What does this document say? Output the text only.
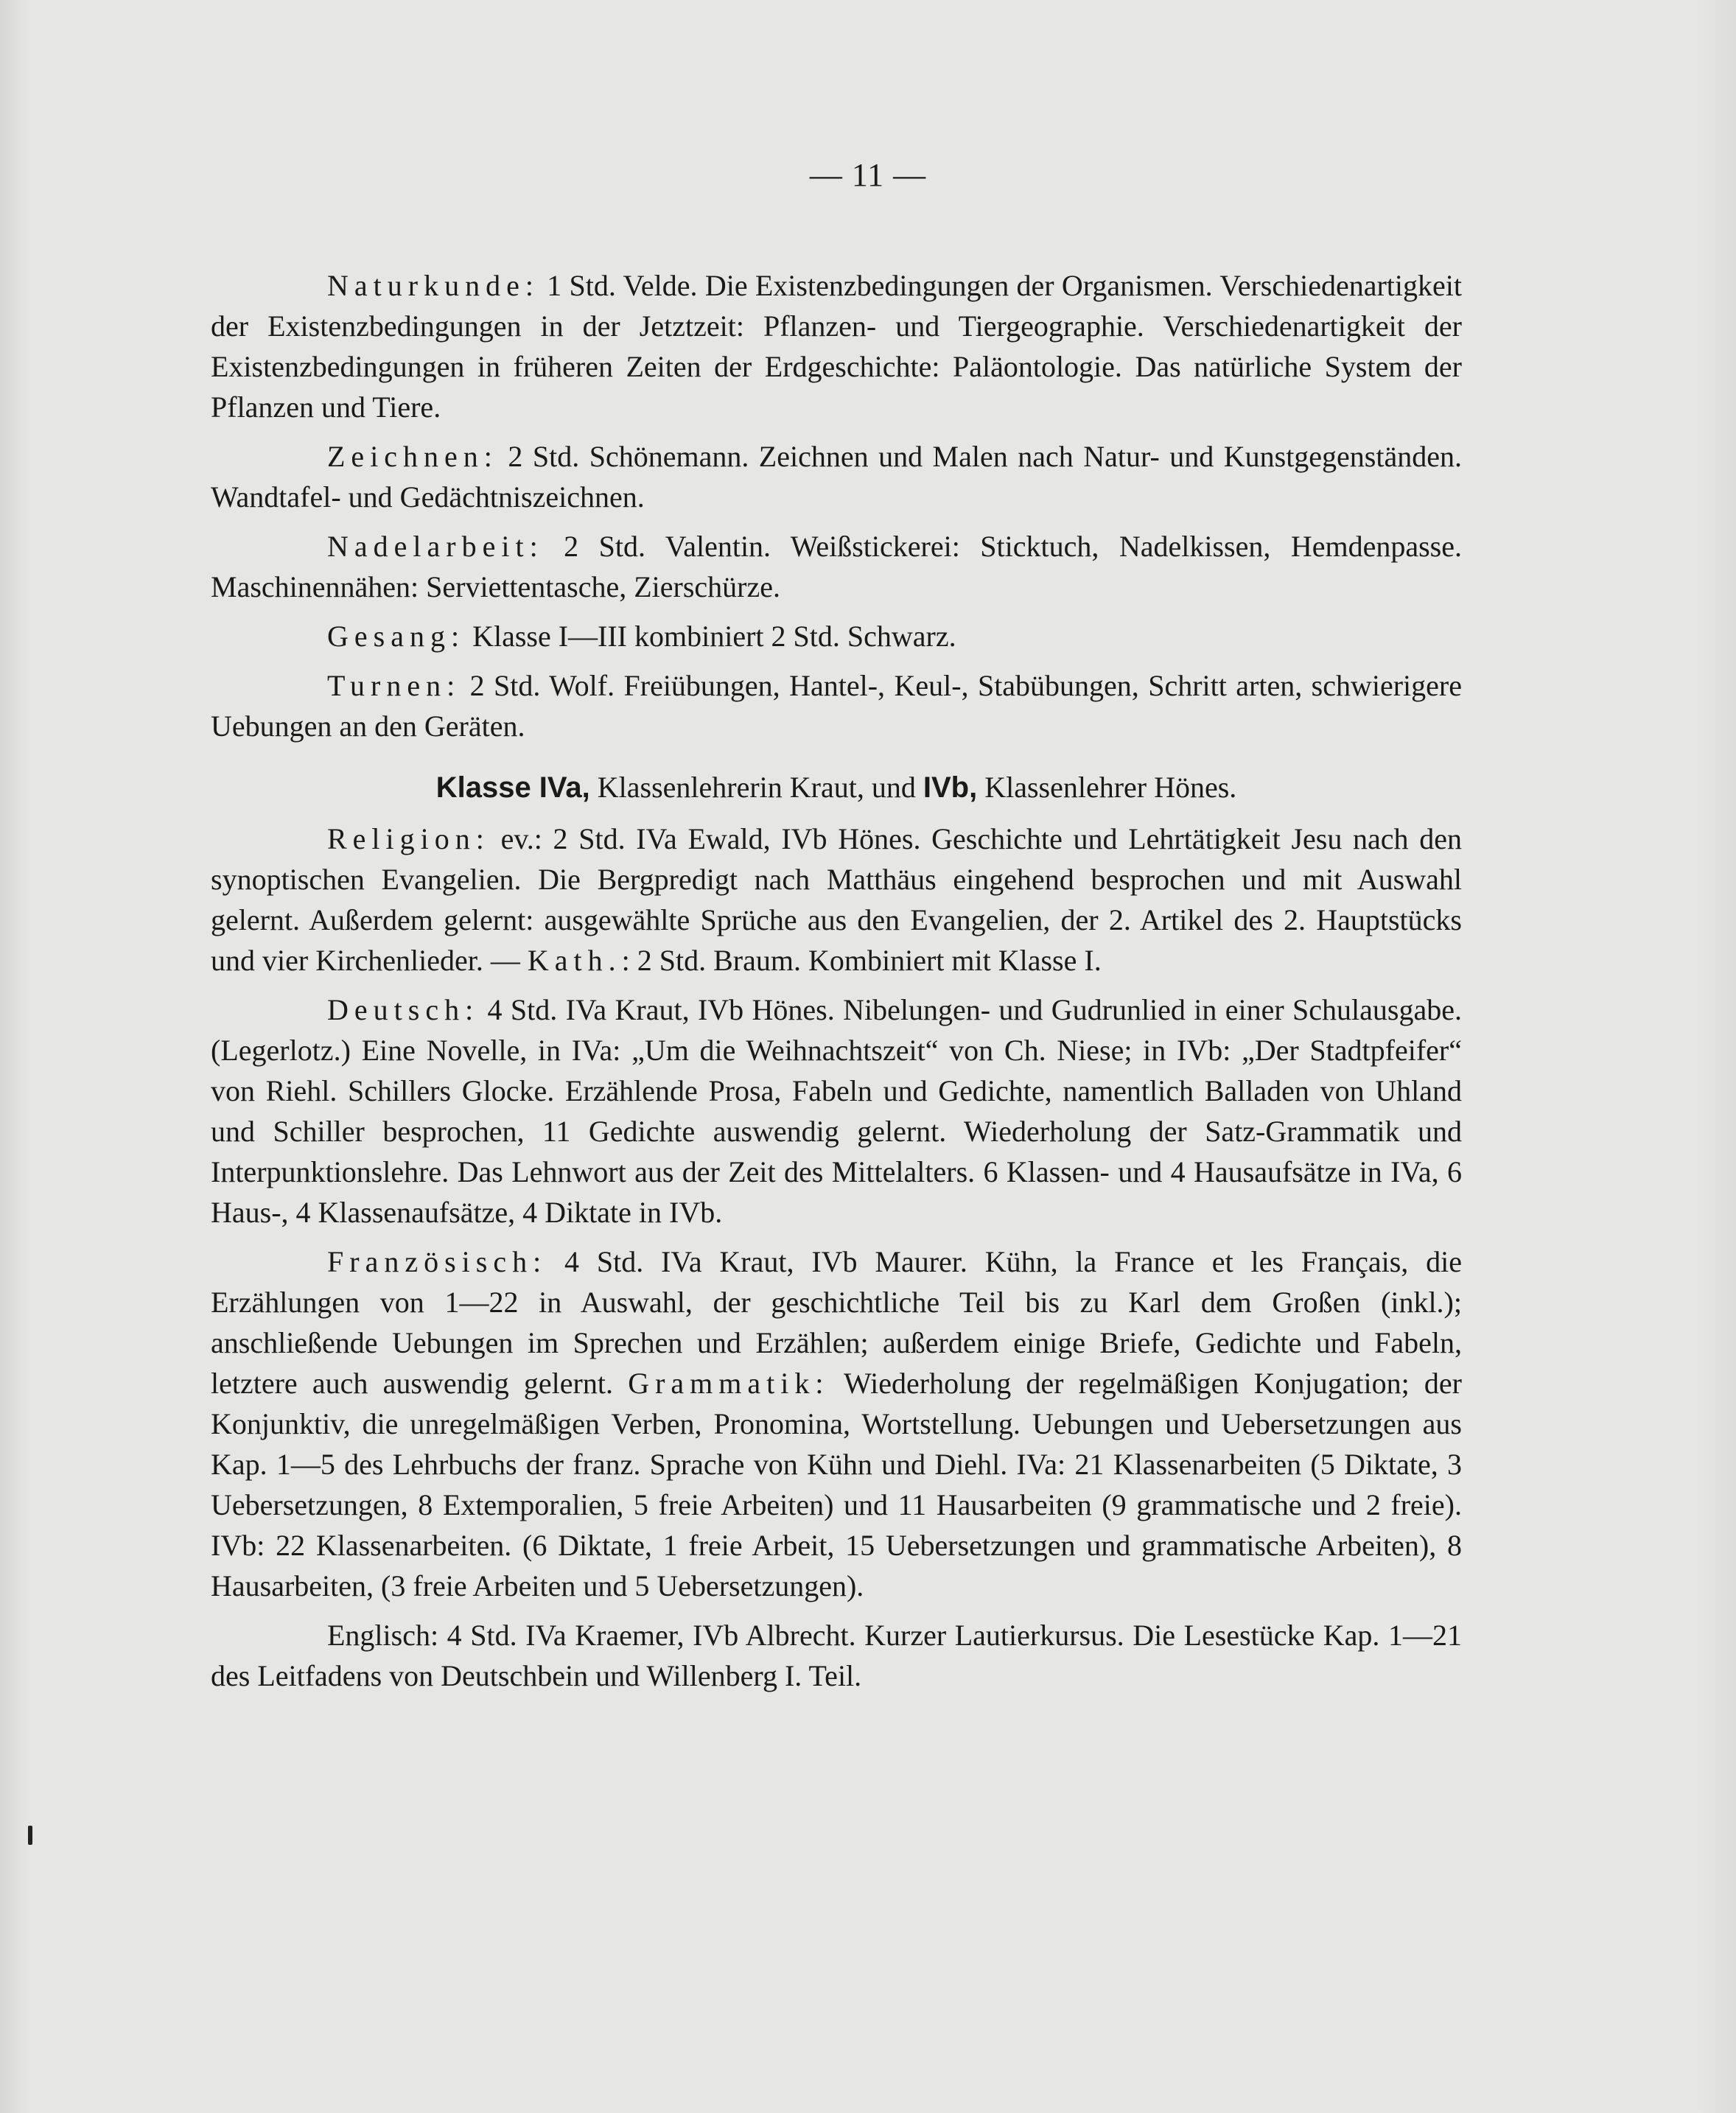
— 11 —

Naturkunde: 1 Std. Velde. Die Existenzbedingungen der Organismen. Verschiedenartigkeit der Existenzbedingungen in der Jetztzeit: Pflanzen- und Tiergeographie. Verschiedenartigkeit der Existenzbedingungen in früheren Zeiten der Erdgeschichte: Paläontologie. Das natürliche System der Pflanzen und Tiere.

Zeichnen: 2 Std. Schönemann. Zeichnen und Malen nach Natur- und Kunstgegenständen. Wandtafel- und Gedächtniszeichnen.

Nadelarbeit: 2 Std. Valentin. Weißstickerei: Sticktuch, Nadelkissen, Hemdenpasse. Maschinennähen: Serviettentasche, Zierschürze.

Gesang: Klasse I—III kombiniert 2 Std. Schwarz.

Turnen: 2 Std. Wolf. Freiübungen, Hantel-, Keul-, Stabübungen, Schritt arten, schwierigere Uebungen an den Geräten.

Klasse IVa, Klassenlehrerin Kraut, und IVb, Klassenlehrer Hönes.

Religion: ev.: 2 Std. IVa Ewald, IVb Hönes. Geschichte und Lehrtätigkeit Jesu nach den synoptischen Evangelien. Die Bergpredigt nach Matthäus eingehend besprochen und mit Auswahl gelernt. Außerdem gelernt: ausgewählte Sprüche aus den Evangelien, der 2. Artikel des 2. Hauptstücks und vier Kirchenlieder. — Kath.: 2 Std. Braum. Kombiniert mit Klasse I.

Deutsch: 4 Std. IVa Kraut, IVb Hönes. Nibelungen- und Gudrunlied in einer Schulausgabe. (Legerlotz.) Eine Novelle, in IVa: „Um die Weihnachtszeit“ von Ch. Niese; in IVb: „Der Stadtpfeifer“ von Riehl. Schillers Glocke. Erzählende Prosa, Fabeln und Gedichte, namentlich Balladen von Uhland und Schiller besprochen, 11 Gedichte auswendig gelernt. Wiederholung der Satz-Grammatik und Interpunktionslehre. Das Lehnwort aus der Zeit des Mittelalters. 6 Klassen- und 4 Hausaufsätze in IVa, 6 Haus-, 4 Klassenaufsätze, 4 Diktate in IVb.

Französisch: 4 Std. IVa Kraut, IVb Maurer. Kühn, la France et les Français, die Erzählungen von 1—22 in Auswahl, der geschichtliche Teil bis zu Karl dem Großen (inkl.); anschließende Uebungen im Sprechen und Erzählen; außerdem einige Briefe, Gedichte und Fabeln, letztere auch auswendig gelernt. Grammatik: Wiederholung der regelmäßigen Konjugation; der Konjunktiv, die unregelmäßigen Verben, Pronomina, Wortstellung. Uebungen und Uebersetzungen aus Kap. 1—5 des Lehrbuchs der franz. Sprache von Kühn und Diehl. IVa: 21 Klassenarbeiten (5 Diktate, 3 Uebersetzungen, 8 Extemporalien, 5 freie Arbeiten) und 11 Hausarbeiten (9 grammatische und 2 freie). IVb: 22 Klassenarbeiten. (6 Diktate, 1 freie Arbeit, 15 Uebersetzungen und grammatische Arbeiten), 8 Hausarbeiten, (3 freie Arbeiten und 5 Uebersetzungen).

Englisch: 4 Std. IVa Kraemer, IVb Albrecht. Kurzer Lautierkursus. Die Lesestücke Kap. 1—21 des Leitfadens von Deutschbein und Willenberg I. Teil.
